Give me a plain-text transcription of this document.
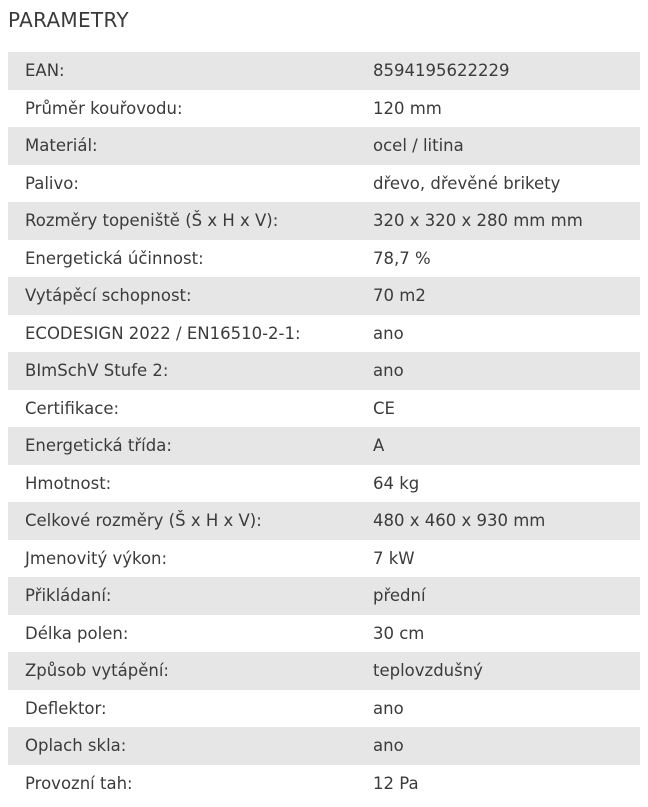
PARAMETRY
EAN:	8594195622229
Průměr kouřovodu:	120 mm
Materiál:	ocel / litina
Palivo:	dřevo, dřevěné brikety
Rozměry topeniště (Š x H x V):	320 x 320 x 280 mm mm
Energetická účinnost:	78,7 %
Vytápěcí schopnost:	70 m2
ECODESIGN 2022 / EN16510-2-1:	ano
BImSchV Stufe 2:	ano
Certifikace:	CE
Energetická třída:	A
Hmotnost:	64 kg
Celkové rozměry (Š x H x V):	480 x 460 x 930 mm
Jmenovitý výkon:	7 kW
Přikládaní:	přední
Délka polen:	30 cm
Způsob vytápění:	teplovzdušný
Deflektor:	ano
Oplach skla:	ano
Provozní tah:	12 Pa
